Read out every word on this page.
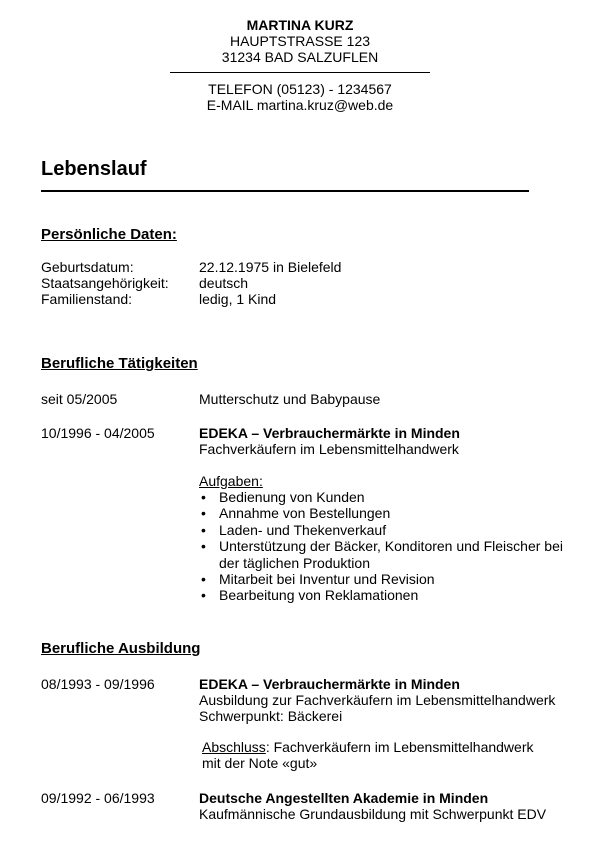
MARTINA KURZ
HAUPTSTRASSE 123
31234 BAD SALZUFLEN
TELEFON (05123) - 1234567
E-MAIL martina.kruz@web.de
Lebenslauf
Persönliche Daten:
Geburtsdatum:	22.12.1975 in Bielefeld
Staatsangehörigkeit: deutsch
Familienstand:	ledig, 1 Kind
Berufliche Tätigkeiten
seit 05/2005	Mutterschutz und Babypause
10/1996 - 04/2005	EDEKA – Verbrauchermärkte in Minden
Fachverkäufern im Lebensmittelhandwerk
Aufgaben:
• Bedienung von Kunden
• Annahme von Bestellungen
• Laden- und Thekenverkauf
• Unterstützung der Bäcker, Konditoren und Fleischer bei
der täglichen Produktion
• Mitarbeit bei Inventur und Revision
• Bearbeitung von Reklamationen
Berufliche Ausbildung
08/1993 - 09/1996	EDEKA – Verbrauchermärkte in Minden
Ausbildung zur Fachverkäufern im Lebensmittelhandwerk
Schwerpunkt: Bäckerei
Abschluss: Fachverkäufern im Lebensmittelhandwerk
mit der Note «gut»
09/1992 - 06/1993	Deutsche Angestellten Akademie in Minden
Kaufmännische Grundausbildung mit Schwerpunkt EDV
